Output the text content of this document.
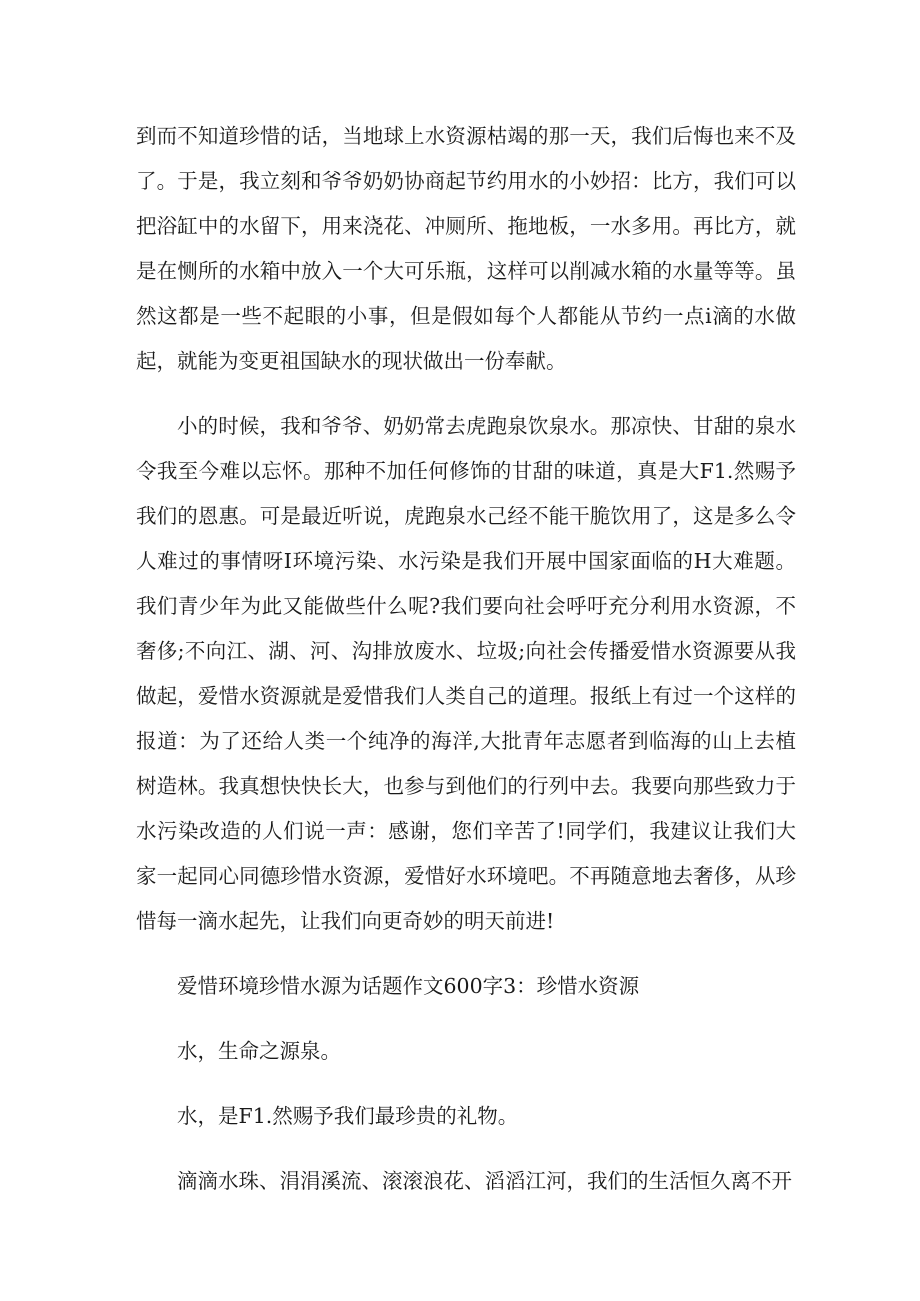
到而不知道珍惜的话，当地球上水资源枯竭的那一天，我们后悔也来不及了。于是，我立刻和爷爷奶奶协商起节约用水的小妙招：比方，我们可以把浴缸中的水留下，用来浇花、冲厕所、拖地板，一水多用。再比方，就是在恻所的水箱中放入一个大可乐瓶，这样可以削减水箱的水量等等。虽然这都是一些不起眼的小事，但是假如每个人都能从节约一点i滴的水做起，就能为变更祖国缺水的现状做出一份奉献。

小的时候，我和爷爷、奶奶常去虎跑泉饮泉水。那凉快、甘甜的泉水令我至今难以忘怀。那种不加任何修饰的甘甜的味道，真是大F1.然赐予我们的恩惠。可是最近听说，虎跑泉水己经不能干脆饮用了，这是多么令人难过的事情呀I环境污染、水污染是我们开展中国家面临的H大难题。我们青少年为此又能做些什么呢?我们要向社会呼吁充分利用水资源，不奢侈;不向江、湖、河、沟排放废水、垃圾;向社会传播爱惜水资源要从我做起，爱惜水资源就是爱惜我们人类自己的道理。报纸上有过一个这样的报道：为了还给人类一个纯净的海洋,大批青年志愿者到临海的山上去植树造林。我真想快快长大，也参与到他们的行列中去。我要向那些致力于水污染改造的人们说一声：感谢，您们辛苦了!同学们，我建议让我们大家一起同心同德珍惜水资源，爱惜好水环境吧。不再随意地去奢侈，从珍惜每一滴水起先，让我们向更奇妙的明天前进!

爱惜环境珍惜水源为话题作文600字3：珍惜水资源

水，生命之源泉。

水，是F1.然赐予我们最珍贵的礼物。

滴滴水珠、涓涓溪流、滚滚浪花、滔滔江河，我们的生活恒久离不开
